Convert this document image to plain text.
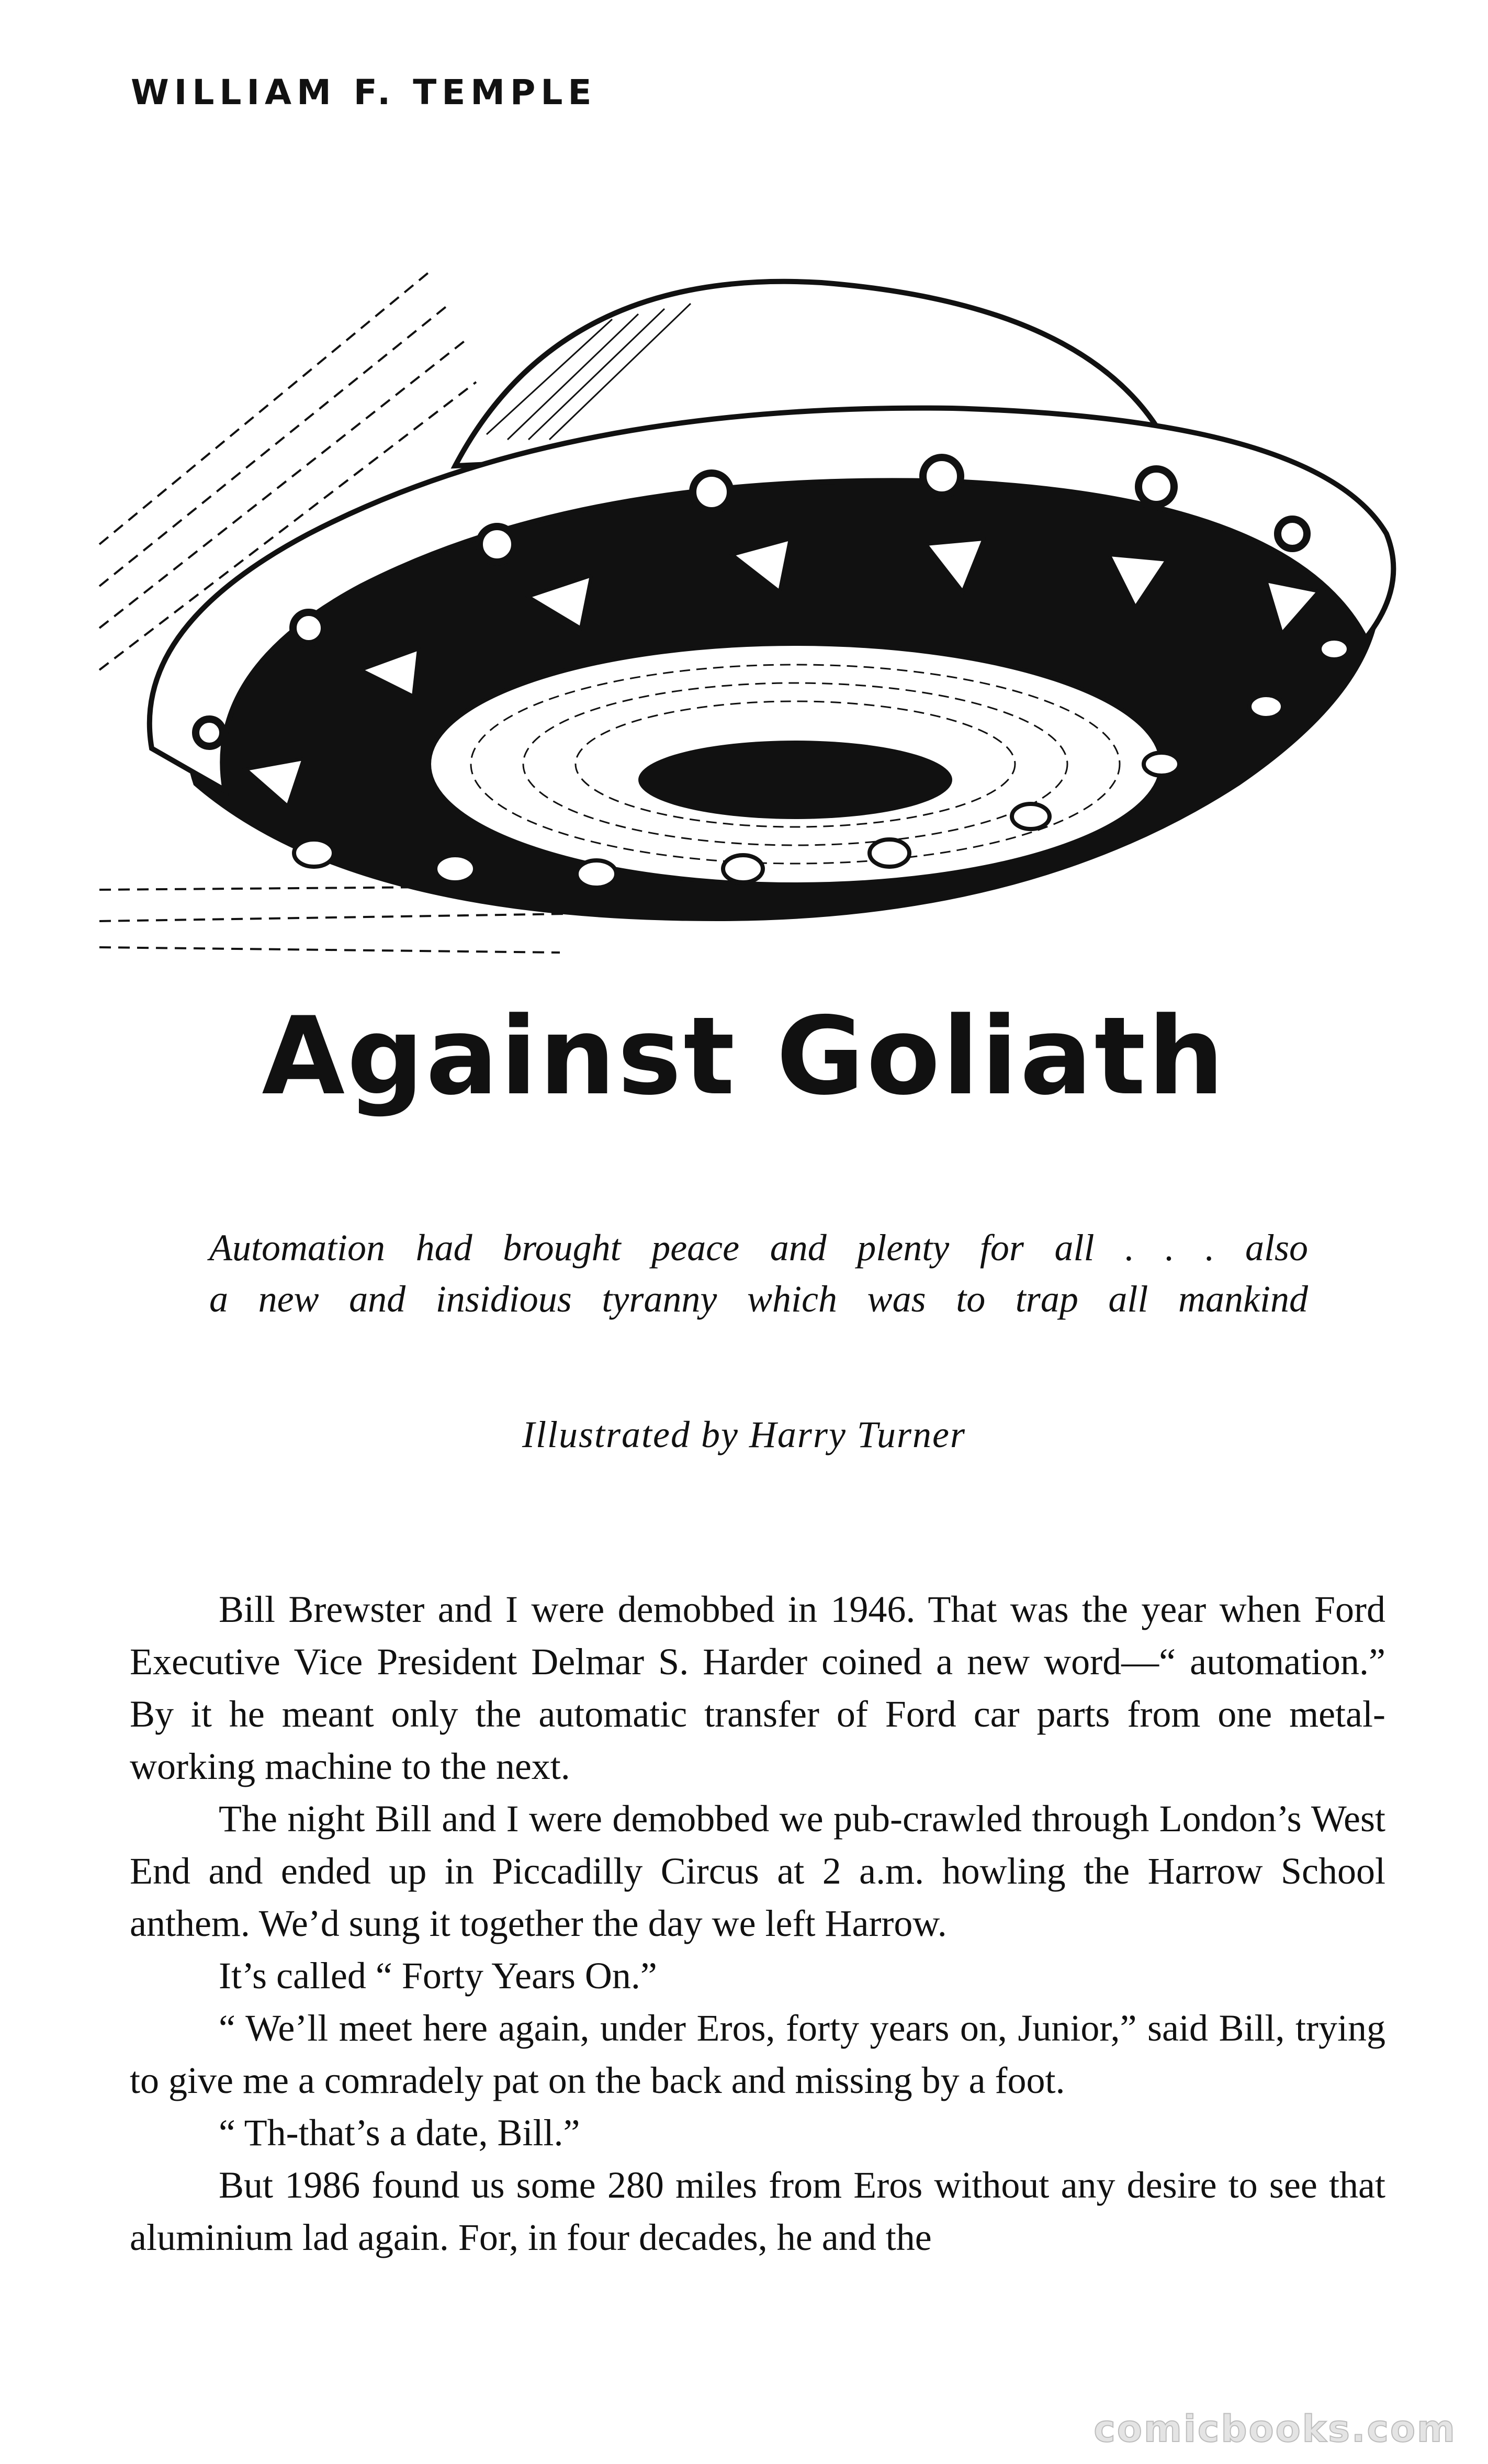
WILLIAM F. TEMPLE
Against Goliath
Automation had brought peace and plenty for all . . . also
a new and insidious tyranny which was to trap all mankind
Illustrated by Harry Turner

Bill Brewster and I were demobbed in 1946. That was the year when Ford Executive Vice President Delmar S. Harder coined a new word—“ automation.” By it he meant only the automatic transfer of Ford car parts from one metal-working machine to the next.

The night Bill and I were demobbed we pub-crawled through London’s West End and ended up in Piccadilly Circus at 2 a.m. howling the Harrow School anthem. We’d sung it together the day we left Harrow.

It’s called “ Forty Years On.”

“ We’ll meet here again, under Eros, forty years on, Junior,” said Bill, trying to give me a comradely pat on the back and missing by a foot.

“ Th-that’s a date, Bill.”

But 1986 found us some 280 miles from Eros without any desire to see that aluminium lad again. For, in four decades, he and the

comicbooks.com
